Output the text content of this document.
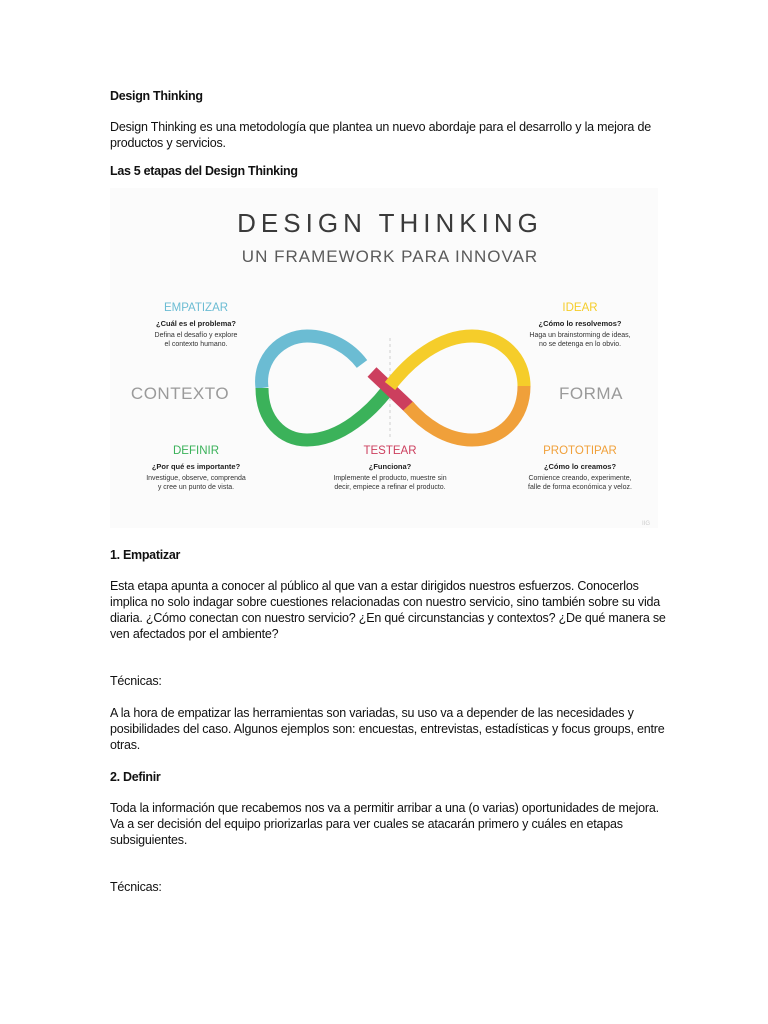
Design Thinking
Design Thinking es una metodología que plantea un nuevo abordaje para el desarrollo y la mejora de productos y servicios.
Las 5 etapas del Design Thinking
DESIGN THINKING
UN FRAMEWORK PARA INNOVAR
CONTEXTO	FORMA
EMPATIZAR
¿Cuál es el problema?
Defina el desafío y explore
el contexto humano.
IDEAR
¿Cómo lo resolvemos?
Haga un brainstorming de ideas,
no se detenga en lo obvio.
DEFINIR
¿Por qué es importante?
Investigue, observe, comprenda
y cree un punto de vista.
TESTEAR
¿Funciona?
Implemente el producto, muestre sin
decir, empiece a refinar el producto.
PROTOTIPAR
¿Cómo lo creamos?
Comience creando, experimente,
falle de forma económica y veloz.
IIG
1. Empatizar
Esta etapa apunta a conocer al público al que van a estar dirigidos nuestros esfuerzos. Conocerlos implica no solo indagar sobre cuestiones relacionadas con nuestro servicio, sino también sobre su vida diaria. ¿Cómo conectan con nuestro servicio? ¿En qué circunstancias y contextos? ¿De qué manera se ven afectados por el ambiente?
Técnicas:
A la hora de empatizar las herramientas son variadas, su uso va a depender de las necesidades y posibilidades del caso. Algunos ejemplos son: encuestas, entrevistas, estadísticas y focus groups, entre otras.
2. Definir
Toda la información que recabemos nos va a permitir arribar a una (o varias) oportunidades de mejora. Va a ser decisión del equipo priorizarlas para ver cuales se atacarán primero y cuáles en etapas subsiguientes.
Técnicas:
